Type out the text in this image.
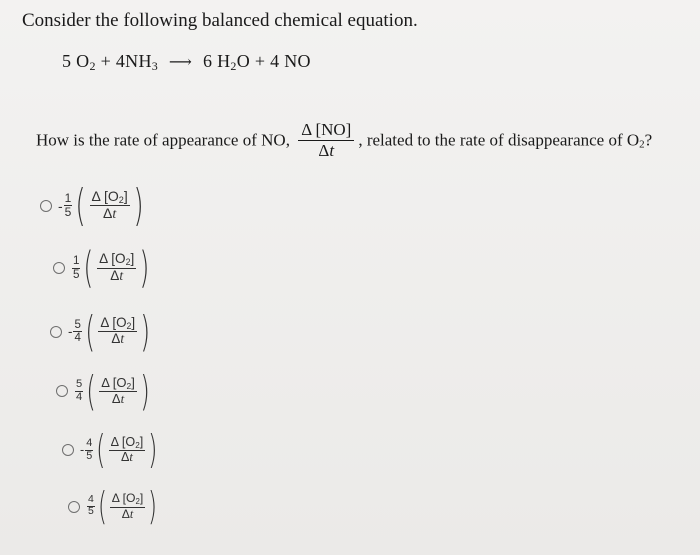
Consider the following balanced chemical equation.
5 $O_2 + 4NH_3$ ⟶ 6 $H_2O + 4$ NO
How is the rate of appearance of NO, $\frac{\Delta [NO]}{\Delta t}$ , related to the rate of disappearance of $O_2$?
- $\frac{1}{5}$ ( $\frac{\Delta [O_2]}{\Delta t}$ )
$\frac{1}{5}$ ( $\frac{\Delta [O_2]}{\Delta t}$ )
- $\frac{5}{4}$ ( $\frac{\Delta [O_2]}{\Delta t}$ )
$\frac{5}{4}$ ( $\frac{\Delta [O_2]}{\Delta t}$ )
- $\frac{4}{5}$ ( $\frac{\Delta [O_2]}{\Delta t}$ )
$\frac{4}{5}$ ( $\frac{\Delta [O_2]}{\Delta t}$ )
